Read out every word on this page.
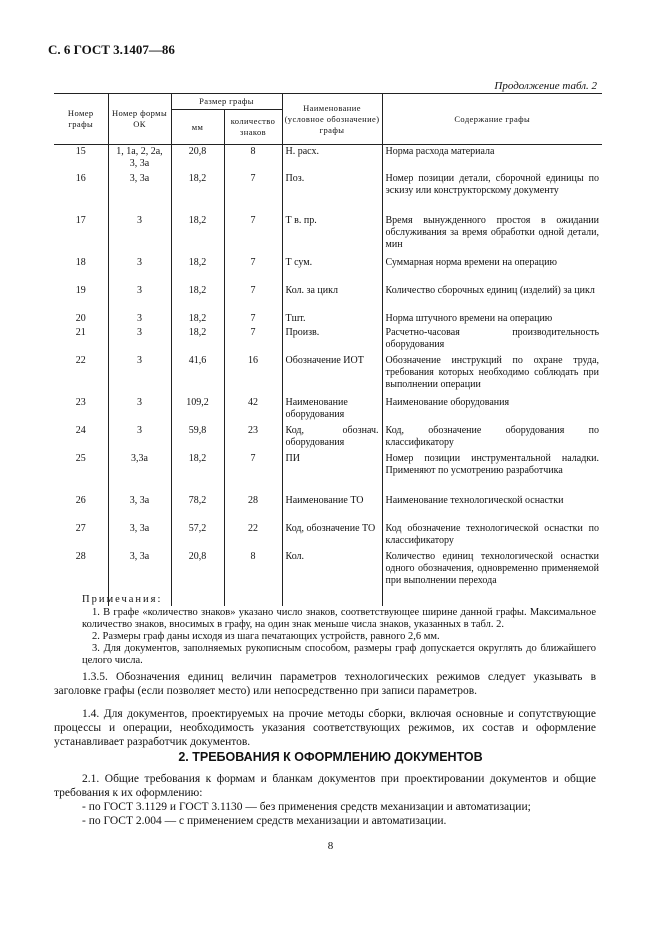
С. 6 ГОСТ 3.1407—86
Продолжение табл. 2
Номер графы	Номер формы ОК	Размер графы		Наименование (условное обозначение) графы	Содержание графы
		мм	количество знаков		
15	1, 1а, 2, 2а, 3, 3а	20,8	8	Н. расх.	Норма расхода материала
16	3, 3а	18,2	7	Поз.	Номер позиции детали, сборочной единицы по эскизу или конструкторскому документу
17	3	18,2	7	Т в. пр.	Время вынужденного простоя в ожидании обслуживания за время обработки одной детали, мин
18	3	18,2	7	Т сум.	Суммарная норма времени на операцию
19	3	18,2	7	Кол. за цикл	Количество сборочных единиц (изделий) за цикл
20	3	18,2	7	Тшт.	Норма штучного времени на операцию
21	3	18,2	7	Произв.	Расчетно-часовая производительность оборудования
22	3	41,6	16	Обозначение ИОТ	Обозначение инструкций по охране труда, требования которых необходимо соблюдать при выполнении операции
23	3	109,2	42	Наименование оборудования	Наименование оборудования
24	3	59,8	23	Код, обознач. оборудования	Код, обозначение оборудования по классификатору
25	3,3а	18,2	7	ПИ	Номер позиции инструментальной наладки. Применяют по усмотрению разработчика
26	3, 3а	78,2	28	Наименование ТО	Наименование технологической оснастки
27	3, 3а	57,2	22	Код, обозначение ТО	Код обозначение технологической оснастки по классификатору
28	3, 3а	20,8	8	Кол.	Количество единиц технологической оснастки одного обозначения, одновременно применяемой при выполнении перехода
Примечания:

1. В графе «количество знаков» указано число знаков, соответствующее ширине данной графы. Максимальное количество знаков, вносимых в графу, на один знак меньше числа знаков, указанных в табл. 2.

2. Размеры граф даны исходя из шага печатающих устройств, равного 2,6 мм.

3. Для документов, заполняемых рукописным способом, размеры граф допускается округлять до ближайшего целого числа.

1.3.5. Обозначения единиц величин параметров технологических режимов следует указывать в заголовке графы (если позволяет место) или непосредственно при записи параметров.

1.4. Для документов, проектируемых на прочие методы сборки, включая основные и сопутствующие процессы и операции, необходимость указания соответствующих режимов, их состав и оформление устанавливает разработчик документов.

2. ТРЕБОВАНИЯ К ОФОРМЛЕНИЮ ДОКУМЕНТОВ

2.1. Общие требования к формам и бланкам документов при проектировании документов и общие требования к их оформлению:

- по ГОСТ 3.1129 и ГОСТ 3.1130 — без применения средств механизации и автоматизации;

- по ГОСТ 2.004 — с применением средств механизации и автоматизации.

8
